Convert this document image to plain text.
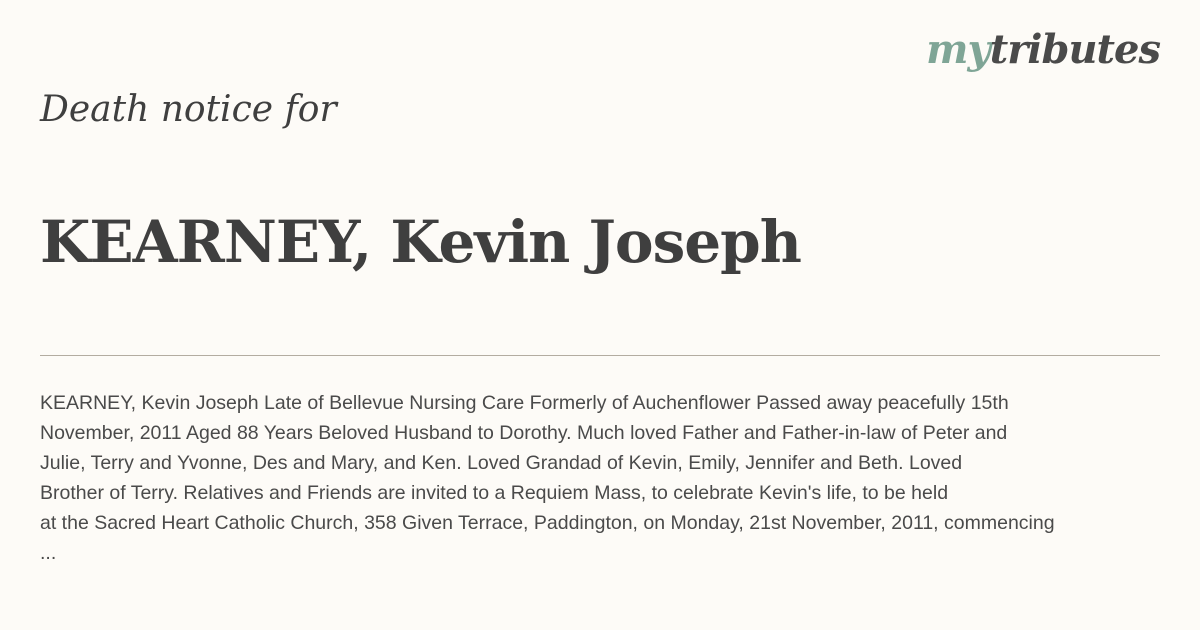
mytributes
Death notice for
KEARNEY, Kevin Joseph

KEARNEY, Kevin Joseph Late of Bellevue Nursing Care Formerly of Auchenflower Passed away peacefully 15th
November, 2011 Aged 88 Years Beloved Husband to Dorothy. Much loved Father and Father-in-law of Peter and
Julie, Terry and Yvonne, Des and Mary, and Ken. Loved Grandad of Kevin, Emily, Jennifer and Beth. Loved
Brother of Terry. Relatives and Friends are invited to a Requiem Mass, to celebrate Kevin's life, to be held
at the Sacred Heart Catholic Church, 358 Given Terrace, Paddington, on Monday, 21st November, 2011, commencing
...
